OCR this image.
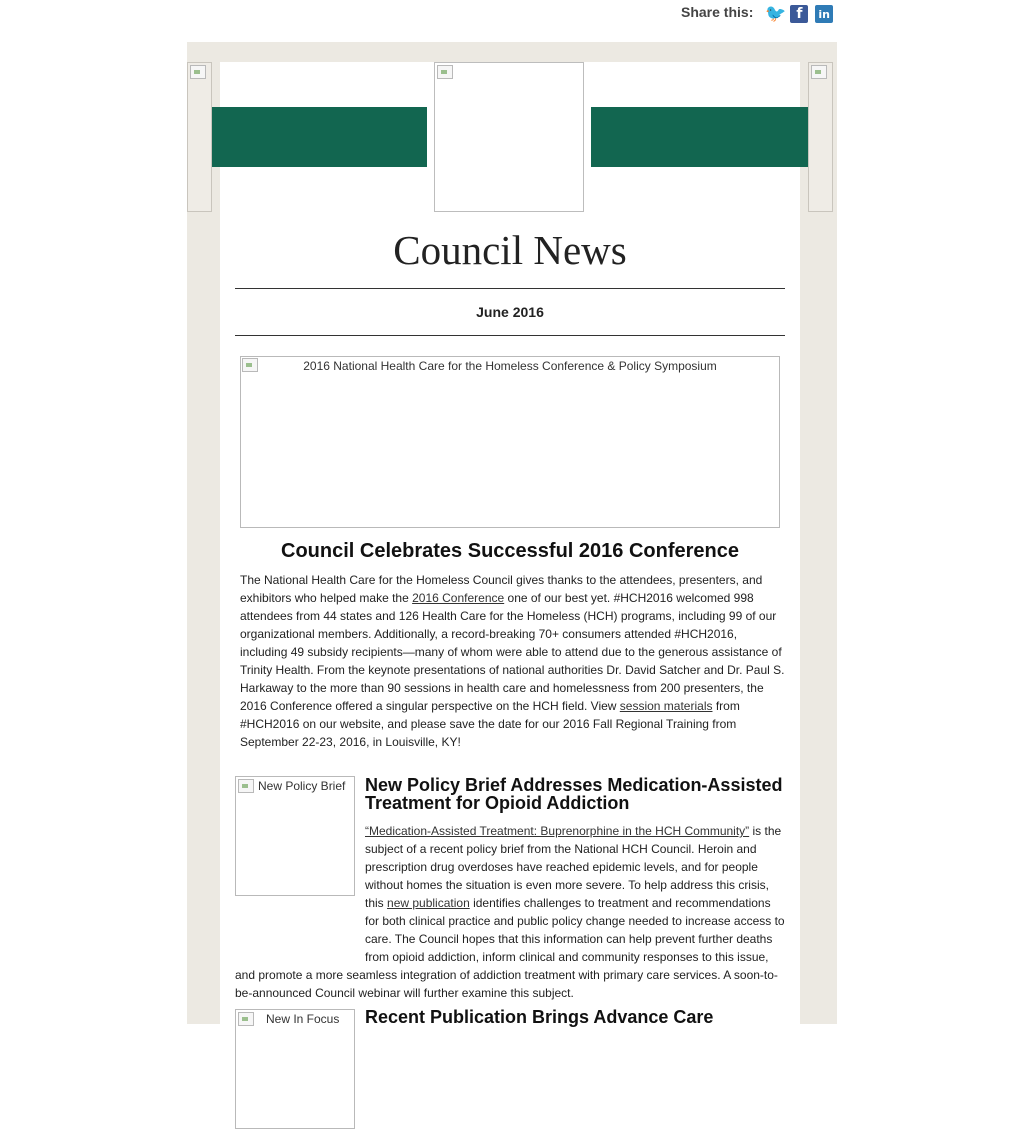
Share this: 🐦 f in
Council News
June 2016
2016 National Health Care for the Homeless Conference & Policy Symposium
Council Celebrates Successful 2016 Conference

The National Health Care for the Homeless Council gives thanks to the attendees, presenters, and exhibitors who helped make the 2016 Conference one of our best yet. #HCH2016 welcomed 998 attendees from 44 states and 126 Health Care for the Homeless (HCH) programs, including 99 of our organizational members. Additionally, a record-breaking 70+ consumers attended #HCH2016, including 49 subsidy recipients—many of whom were able to attend due to the generous assistance of Trinity Health. From the keynote presentations of national authorities Dr. David Satcher and Dr. Paul S. Harkaway to the more than 90 sessions in health care and homelessness from 200 presenters, the 2016 Conference offered a singular perspective on the HCH field. View session materials from #HCH2016 on our website, and please save the date for our 2016 Fall Regional Training from September 22-23, 2016, in Louisville, KY!

New Policy Brief New Policy Brief Addresses Medication-Assisted Treatment for Opioid Addiction

“Medication-Assisted Treatment: Buprenorphine in the HCH Community” is the subject of a recent policy brief from the National HCH Council. Heroin and prescription drug overdoses have reached epidemic levels, and for people without homes the situation is even more severe. To help address this crisis, this new publication identifies challenges to treatment and recommendations for both clinical practice and public policy change needed to increase access to care. The Council hopes that this information can help prevent further deaths from opioid addiction, inform clinical and community responses to this issue, and promote a more seamless integration of addiction treatment with primary care services. A soon-to-be-announced Council webinar will further examine this subject.

New In Focus Recent Publication Brings Advance Care
